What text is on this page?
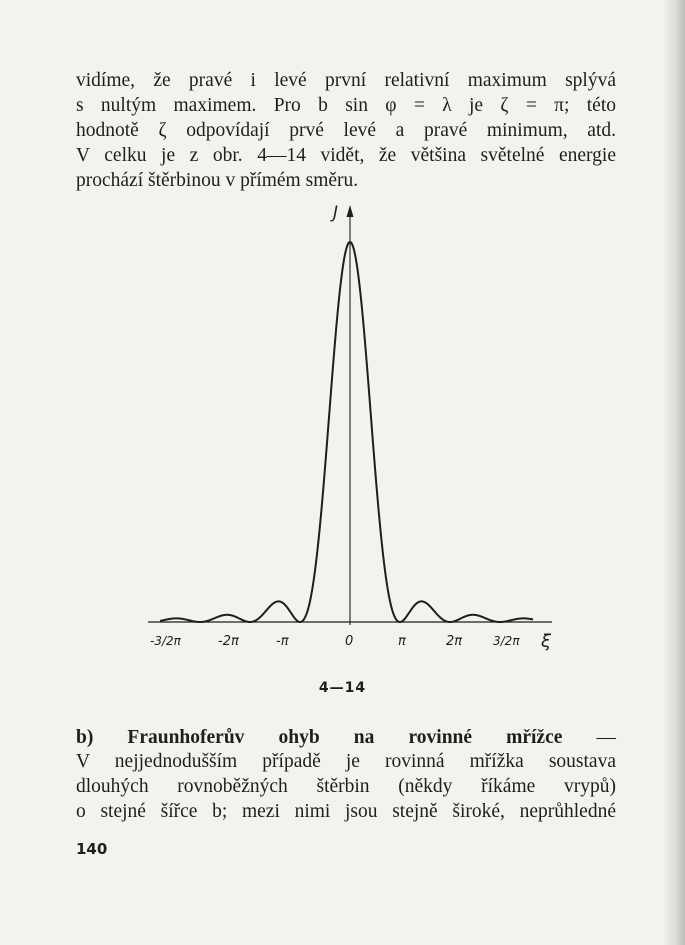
vidíme, že pravé i levé první relativní maximum splývá
s nultým maximem. Pro b sin φ = λ je ζ = π; této
hodnotě ζ odpovídají prvé levé a pravé minimum, atd.
V celku je z obr. 4—14 vidět, že většina světelné energie
prochází štěrbinou v přímém směru.
J
-3/2π	-2π	-π	0	π	2π	3/2π ξ
4—14
b) Fraunhoferův ohyb na rovinné mřížce —
V nejjednodušším případě je rovinná mřížka soustava
dlouhých rovnoběžných štěrbin (někdy říkáme vrypů)
o stejné šířce b; mezi nimi jsou stejně široké, neprůhledné
140
